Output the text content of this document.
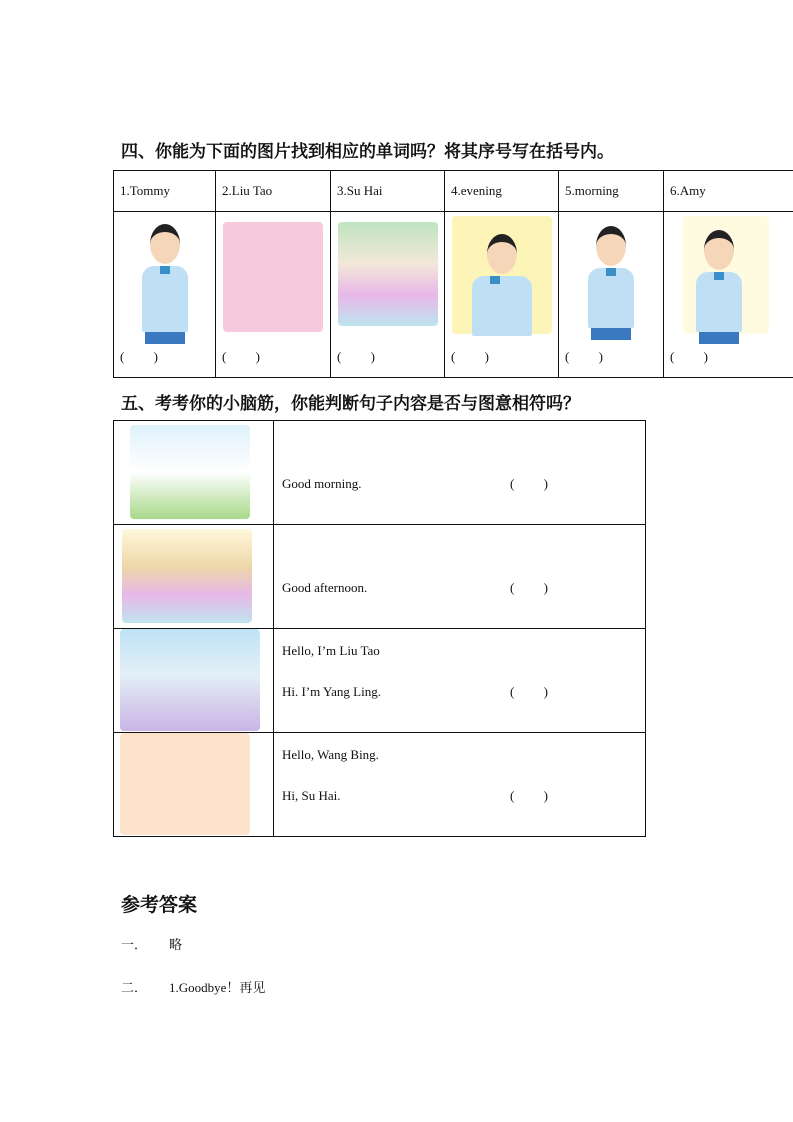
四、你能为下面的图片找到相应的单词吗？将其序号写在括号内。
1.Tommy	2.Liu Tao	3.Su Hai	4.evening	5.morning	6.Amy

(         )	(         )	(         )	(         )	(         )	(         )
五、考考你的小脑筋，你能判断句子内容是否与图意相符吗？

	Good morning. (         )

	Good afternoon. (         )

	Hello, I’m Liu Tao
Hi. I’m Yang Ling. (         )

	Hello, Wang Bing.
Hi, Su Hai. (         )
参考答案
一． 略
二． 1.Goodbye！再见
